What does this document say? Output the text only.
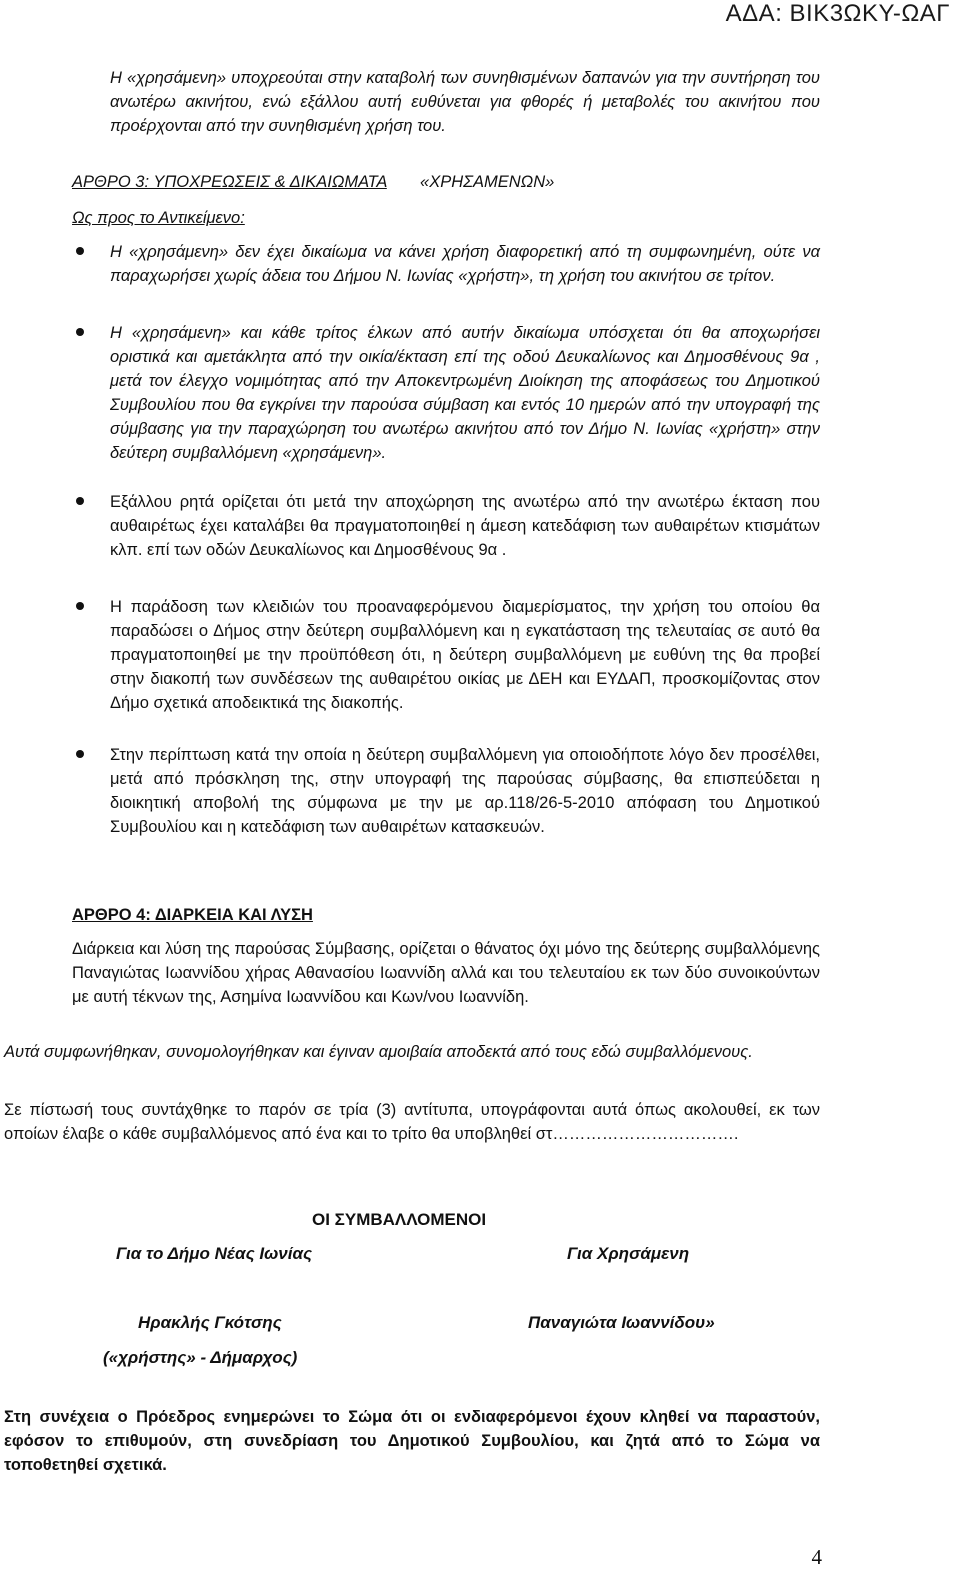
ΑΔΑ: ΒΙΚ3ΩΚΥ-ΩΑΓ
Η «χρησάμενη» υποχρεούται στην καταβολή των συνηθισμένων δαπανών για την συντήρηση του ανωτέρω ακινήτου, ενώ εξάλλου αυτή ευθύνεται για φθορές ή μεταβολές του ακινήτου που προέρχονται από την συνηθισμένη χρήση του.
ΑΡΘΡΟ 3: ΥΠΟΧΡΕΩΣΕΙΣ & ΔΙΚΑΙΩΜΑΤΑ «ΧΡΗΣΑΜΕΝΩΝ»
Ως προς το Αντικείμενο:
Η «χρησάμενη» δεν έχει δικαίωμα να κάνει χρήση διαφορετική από τη συμφωνημένη, ούτε να παραχωρήσει χωρίς άδεια του Δήμου Ν. Ιωνίας «χρήστη», τη χρήση του ακινήτου σε τρίτον.
Η «χρησάμενη» και κάθε τρίτος έλκων από αυτήν δικαίωμα υπόσχεται ότι θα αποχωρήσει οριστικά και αμετάκλητα από την οικία/έκταση επί της οδού Δευκαλίωνος και Δημοσθένους 9α , μετά τον έλεγχο νομιμότητας από την Αποκεντρωμένη Διοίκηση της αποφάσεως του Δημοτικού Συμβουλίου που θα εγκρίνει την παρούσα σύμβαση και εντός 10 ημερών από την υπογραφή της σύμβασης για την παραχώρηση του ανωτέρω ακινήτου από τον Δήμο Ν. Ιωνίας «χρήστη» στην δεύτερη συμβαλλόμενη «χρησάμενη».
Εξάλλου ρητά ορίζεται ότι μετά την αποχώρηση της ανωτέρω από την ανωτέρω έκταση που αυθαιρέτως έχει καταλάβει θα πραγματοποιηθεί η άμεση κατεδάφιση των αυθαιρέτων κτισμάτων κλπ. επί των οδών Δευκαλίωνος και Δημοσθένους 9α .
Η παράδοση των κλειδιών του προαναφερόμενου διαμερίσματος, την χρήση του οποίου θα παραδώσει ο Δήμος στην δεύτερη συμβαλλόμενη και η εγκατάσταση της τελευταίας σε αυτό θα πραγματοποιηθεί με την προϋπόθεση ότι, η δεύτερη συμβαλλόμενη με ευθύνη της θα προβεί στην διακοπή των συνδέσεων της αυθαιρέτου οικίας με ΔΕΗ και ΕΥΔΑΠ, προσκομίζοντας στον Δήμο σχετικά αποδεικτικά της διακοπής.
Στην περίπτωση κατά την οποία η δεύτερη συμβαλλόμενη για οποιοδήποτε λόγο δεν προσέλθει, μετά από πρόσκληση της, στην υπογραφή της παρούσας σύμβασης, θα επισπεύδεται η διοικητική αποβολή της σύμφωνα με την με αρ.118/26-5-2010 απόφαση του Δημοτικού Συμβουλίου και η κατεδάφιση των αυθαιρέτων κατασκευών.
ΑΡΘΡΟ 4: ΔΙΑΡΚΕΙΑ ΚΑΙ ΛΥΣΗ
Διάρκεια και λύση της παρούσας Σύμβασης, ορίζεται ο θάνατος όχι μόνο της δεύτερης συμβαλλόμενης Παναγιώτας Ιωαννίδου χήρας Αθανασίου Ιωαννίδη αλλά και του τελευταίου εκ των δύο συνοικούντων με αυτή τέκνων της, Ασημίνα Ιωαννίδου και Κων/νου Ιωαννίδη.
Αυτά συμφωνήθηκαν, συνομολογήθηκαν και έγιναν αμοιβαία αποδεκτά από τους εδώ συμβαλλόμενους.
Σε πίστωσή τους συντάχθηκε το παρόν σε τρία (3) αντίτυπα, υπογράφονται αυτά όπως ακολουθεί, εκ των οποίων έλαβε ο κάθε συμβαλλόμενος από ένα και το τρίτο θα υποβληθεί στ…………………………….
ΟΙ ΣΥΜΒΑΛΛΟΜΕΝΟΙ
Για το Δήμο Νέας Ιωνίας	Για Χρησάμενη
Ηρακλής Γκότσης	Παναγιώτα Ιωαννίδου»
(«χρήστης» - Δήμαρχος)
Στη συνέχεια ο Πρόεδρος ενημερώνει το Σώμα ότι οι ενδιαφερόμενοι έχουν κληθεί να παραστούν, εφόσον το επιθυμούν, στη συνεδρίαση του Δημοτικού Συμβουλίου, και ζητά από το Σώμα να τοποθετηθεί σχετικά.
4
